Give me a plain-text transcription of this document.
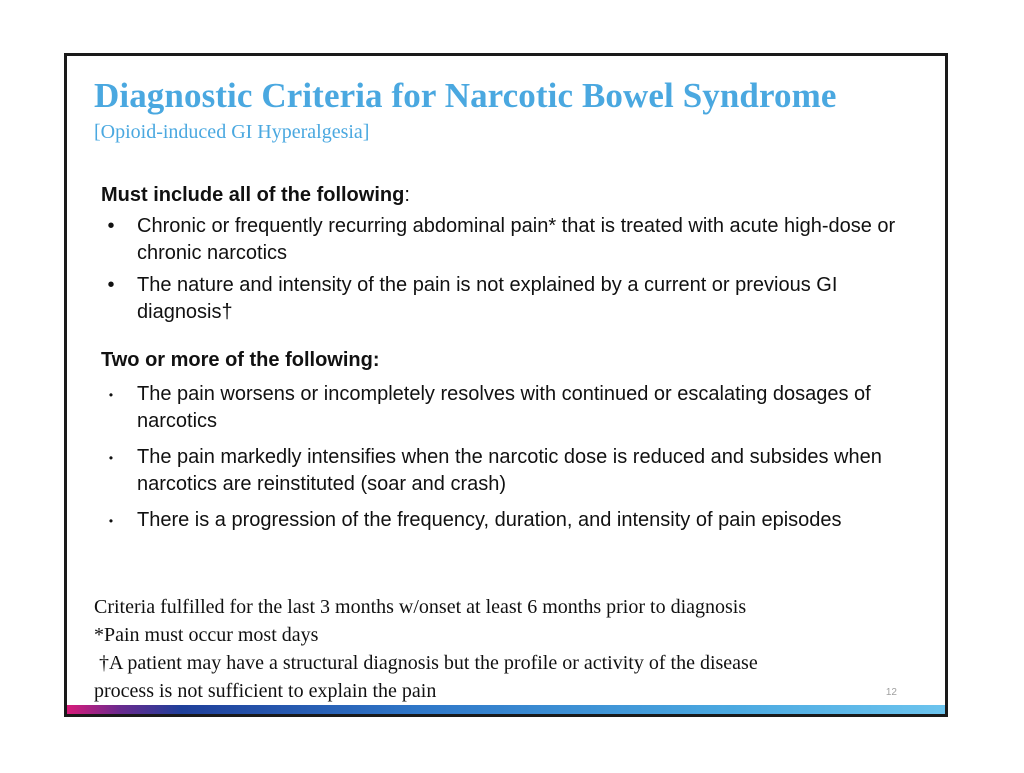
Diagnostic Criteria for Narcotic Bowel Syndrome
[Opioid-induced GI Hyperalgesia]
Must include all of the following:
•	Chronic or frequently recurring abdominal pain* that is treated with acute high-dose or chronic narcotics
•	The nature and intensity of the pain is not explained by a current or previous GI diagnosis†
Two or more of the following:
•	The pain worsens or incompletely resolves with continued or escalating dosages of narcotics
•	The pain markedly intensifies when the narcotic dose is reduced and subsides when narcotics are reinstituted (soar and crash)
•	There is a progression of the frequency, duration, and intensity of pain episodes
Criteria fulfilled for the last 3 months w/onset at least 6 months prior to diagnosis
*Pain must occur most days
†A patient may have a structural diagnosis but the profile or activity of the disease
process is not sufficient to explain the pain	12
